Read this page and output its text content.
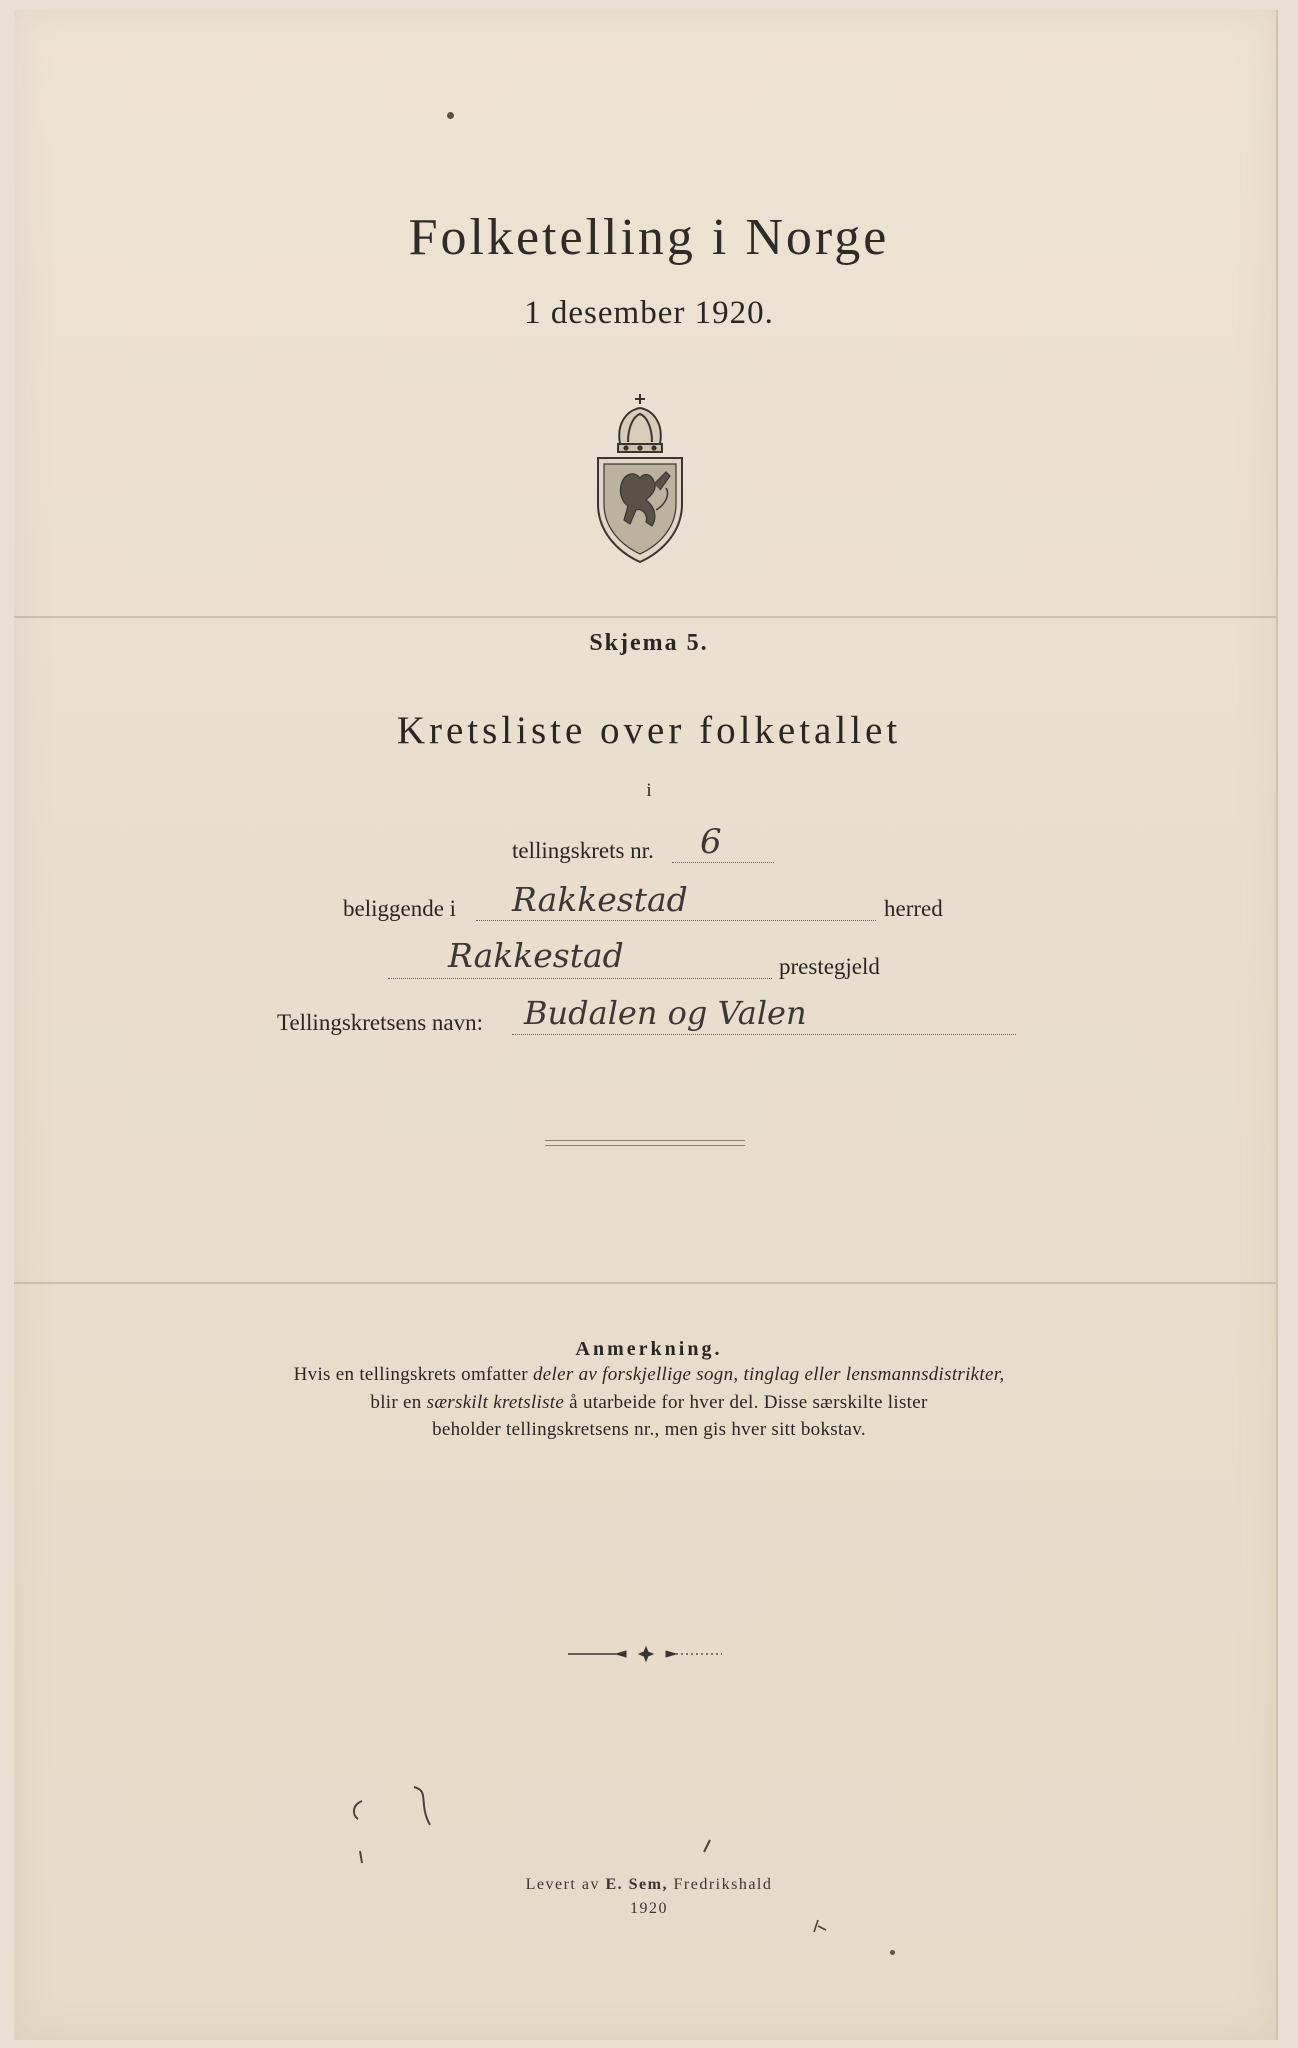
Folketelling i Norge
1 desember 1920.
Skjema 5.
Kretsliste over folketallet
i
tellingskrets nr. 6
beliggende i Rakkestad	herred
Rakkestad	prestegjeld
Tellingskretsens navn: Budalen og Valen
Anmerkning.
Hvis en tellingskrets omfatter deler av forskjellige sogn, tinglag eller lensmannsdistrikter,
blir en særskilt kretsliste å utarbeide for hver del. Disse særskilte lister
beholder tellingskretsens nr., men gis hver sitt bokstav.
Levert av E. Sem, Fredrikshald
1920
